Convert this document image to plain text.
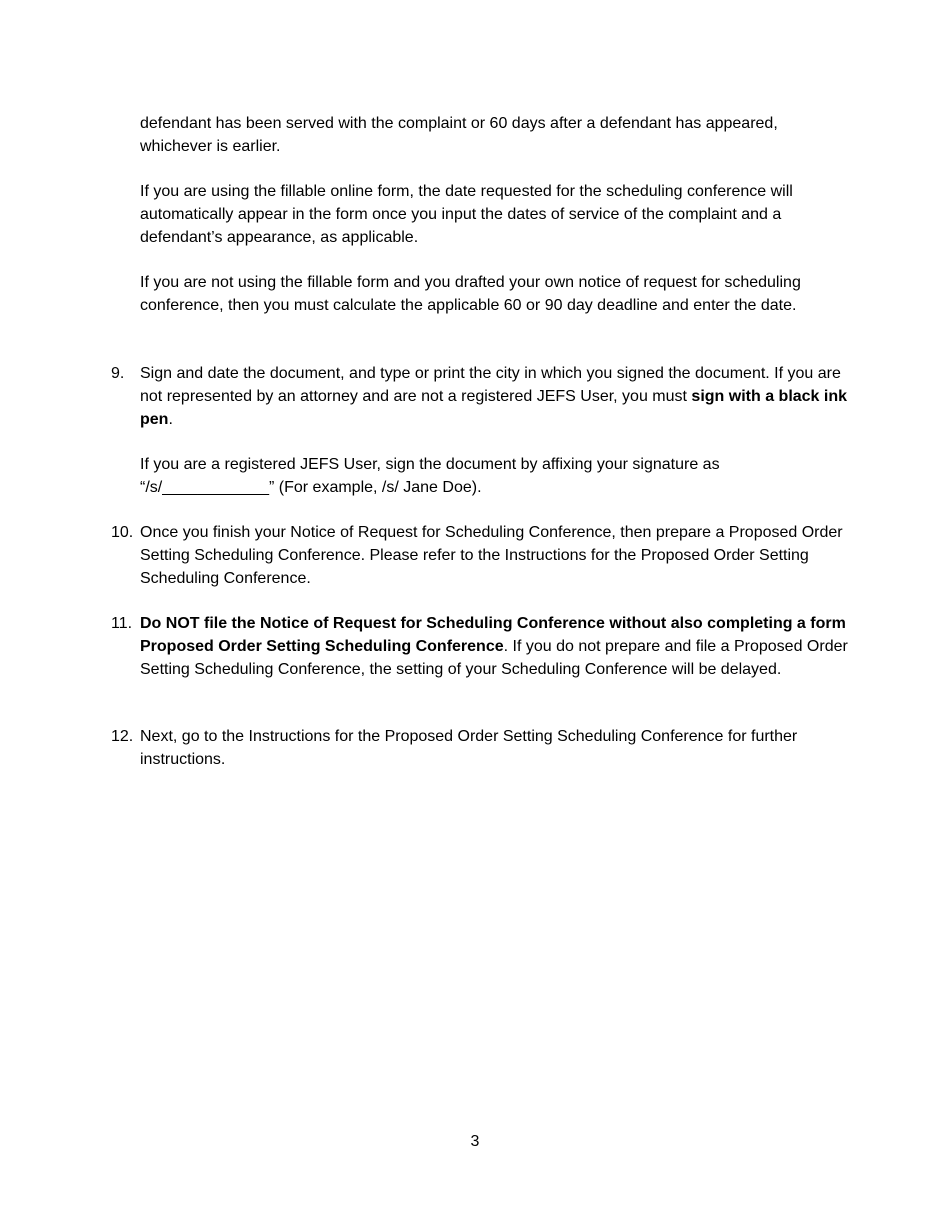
defendant has been served with the complaint or 60 days after a defendant has appeared, whichever is earlier.

If you are using the fillable online form, the date requested for the scheduling conference will automatically appear in the form once you input the dates of service of the complaint and a defendant’s appearance, as applicable.

If you are not using the fillable form and you drafted your own notice of request for scheduling conference, then you must calculate the applicable 60 or 90 day deadline and enter the date.

9. Sign and date the document, and type or print the city in which you signed the document. If you are not represented by an attorney and are not a registered JEFS User, you must sign with a black ink pen.

If you are a registered JEFS User, sign the document by affixing your signature as “/s/____________” (For example, /s/ Jane Doe).

10. Once you finish your Notice of Request for Scheduling Conference, then prepare a Proposed Order Setting Scheduling Conference. Please refer to the Instructions for the Proposed Order Setting Scheduling Conference.

11. Do NOT file the Notice of Request for Scheduling Conference without also completing a form Proposed Order Setting Scheduling Conference. If you do not prepare and file a Proposed Order Setting Scheduling Conference, the setting of your Scheduling Conference will be delayed.

12. Next, go to the Instructions for the Proposed Order Setting Scheduling Conference for further instructions.

3
